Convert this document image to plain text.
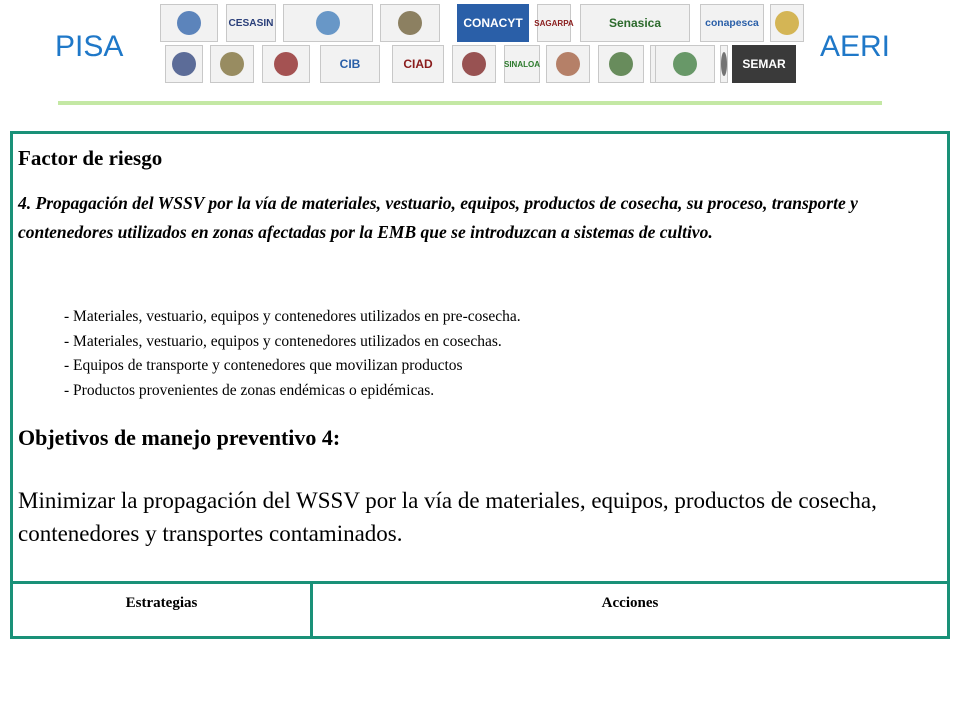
PISA	AERI
CESASIN	CONACYT SAGARPA	Senasica	conapesca
CIB	CIAD	SINALOA	SEMAR
Factor de riesgo
4. Propagación del WSSV por la vía de materiales, vestuario, equipos, productos de cosecha, su proceso, transporte y contenedores utilizados en zonas afectadas por la EMB que se introduzcan a sistemas de cultivo.
- Materiales, vestuario, equipos y contenedores utilizados en pre-cosecha.
- Materiales, vestuario, equipos y contenedores utilizados en cosechas.
- Equipos de transporte y contenedores que movilizan productos
- Productos provenientes de zonas endémicas o epidémicas.
Objetivos de manejo preventivo 4:
Minimizar la propagación del WSSV por la vía de materiales, equipos, productos de cosecha, contenedores y transportes contaminados.
Estrategias	Acciones
